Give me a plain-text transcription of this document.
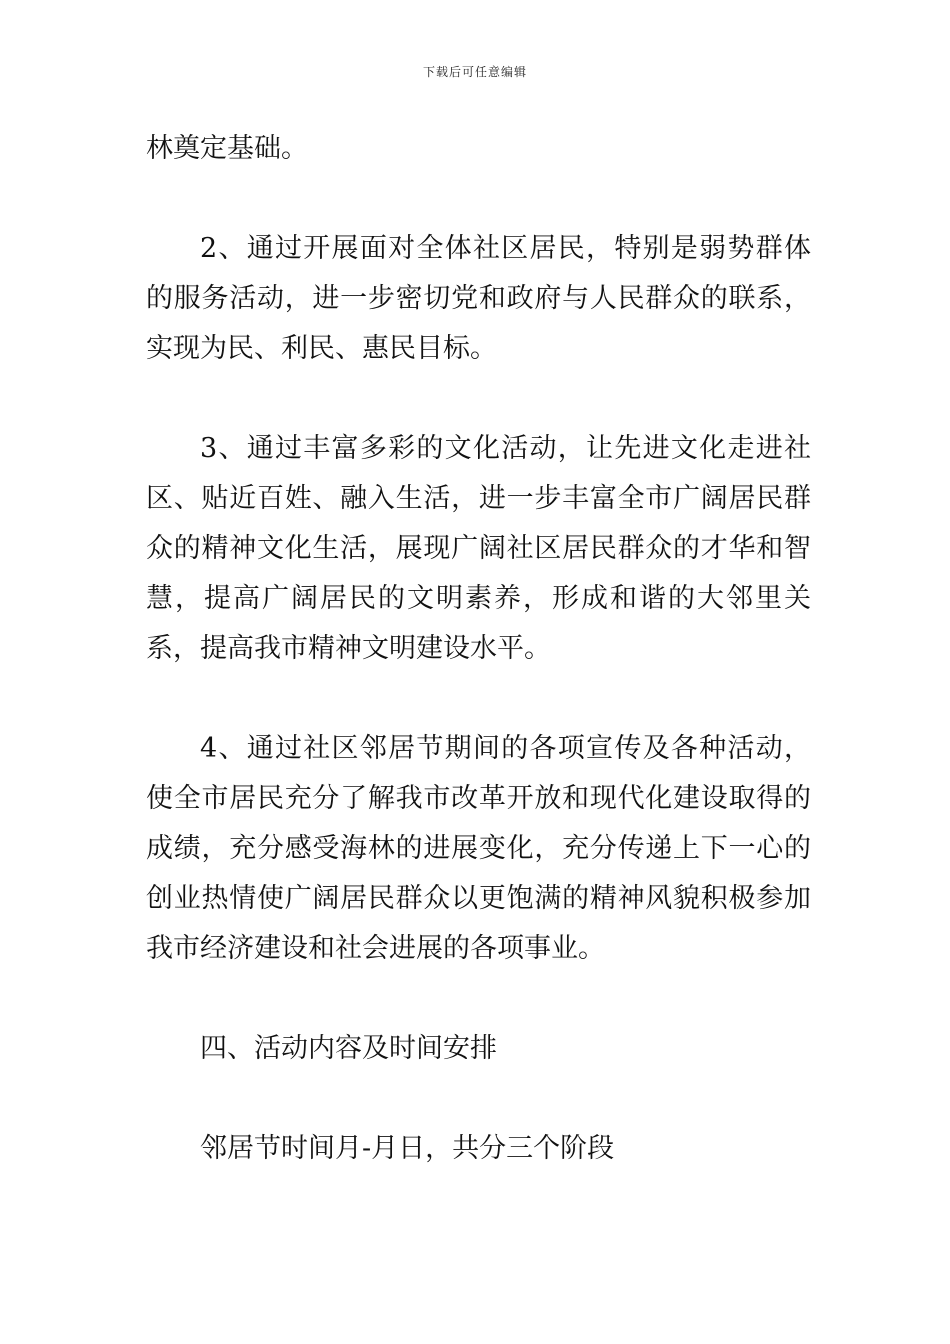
下载后可任意编辑

林奠定基础。

2、通过开展面对全体社区居民，特别是弱势群体的服务活动，进一步密切党和政府与人民群众的联系，实现为民、利民、惠民目标。

3、通过丰富多彩的文化活动，让先进文化走进社区、贴近百姓、融入生活，进一步丰富全市广阔居民群众的精神文化生活，展现广阔社区居民群众的才华和智慧，提高广阔居民的文明素养，形成和谐的大邻里关系，提高我市精神文明建设水平。

4、通过社区邻居节期间的各项宣传及各种活动，使全市居民充分了解我市改革开放和现代化建设取得的成绩，充分感受海林的进展变化，充分传递上下一心的创业热情使广阔居民群众以更饱满的精神风貌积极参加我市经济建设和社会进展的各项事业。

四、活动内容及时间安排

邻居节时间月-月日，共分三个阶段
